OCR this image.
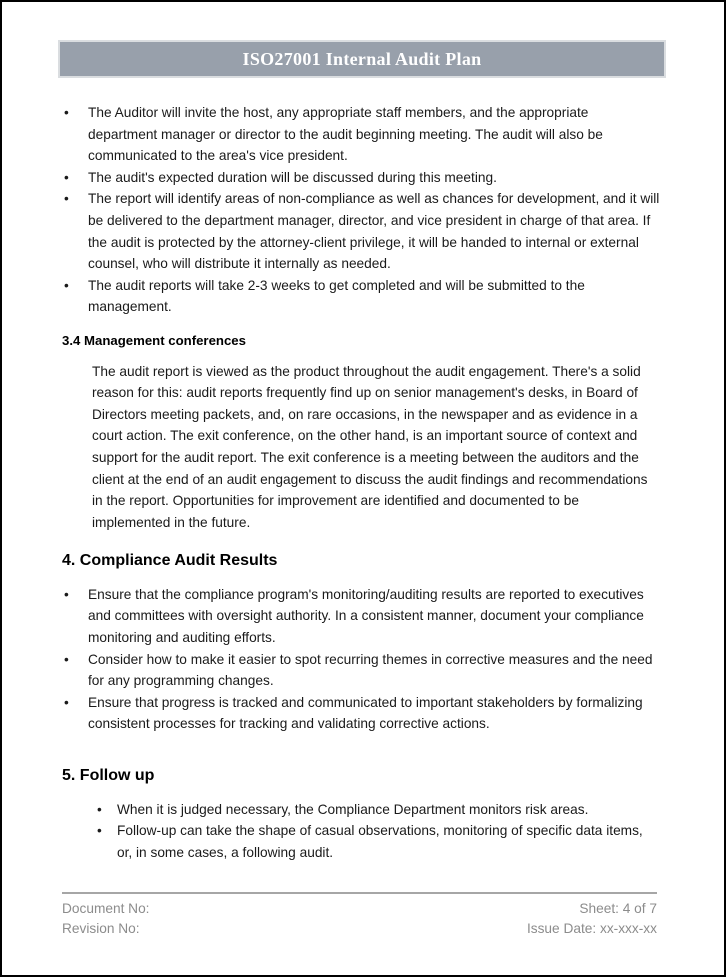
ISO27001 Internal Audit Plan
• The Auditor will invite the host, any appropriate staff members, and the appropriate department manager or director to the audit beginning meeting. The audit will also be communicated to the area's vice president.
• The audit's expected duration will be discussed during this meeting.
• The report will identify areas of non-compliance as well as chances for development, and it will be delivered to the department manager, director, and vice president in charge of that area. If the audit is protected by the attorney-client privilege, it will be handed to internal or external counsel, who will distribute it internally as needed.
• The audit reports will take 2-3 weeks to get completed and will be submitted to the management.
3.4 Management conferences
The audit report is viewed as the product throughout the audit engagement. There's a solid reason for this: audit reports frequently find up on senior management's desks, in Board of Directors meeting packets, and, on rare occasions, in the newspaper and as evidence in a court action. The exit conference, on the other hand, is an important source of context and support for the audit report. The exit conference is a meeting between the auditors and the client at the end of an audit engagement to discuss the audit findings and recommendations in the report. Opportunities for improvement are identified and documented to be implemented in the future.
4. Compliance Audit Results
• Ensure that the compliance program's monitoring/auditing results are reported to executives and committees with oversight authority. In a consistent manner, document your compliance monitoring and auditing efforts.
• Consider how to make it easier to spot recurring themes in corrective measures and the need for any programming changes.
• Ensure that progress is tracked and communicated to important stakeholders by formalizing consistent processes for tracking and validating corrective actions.
5. Follow up
• When it is judged necessary, the Compliance Department monitors risk areas.
• Follow-up can take the shape of casual observations, monitoring of specific data items, or, in some cases, a following audit.
Document No:	Sheet: 4 of 7
Revision No:	Issue Date: xx-xxx-xx
